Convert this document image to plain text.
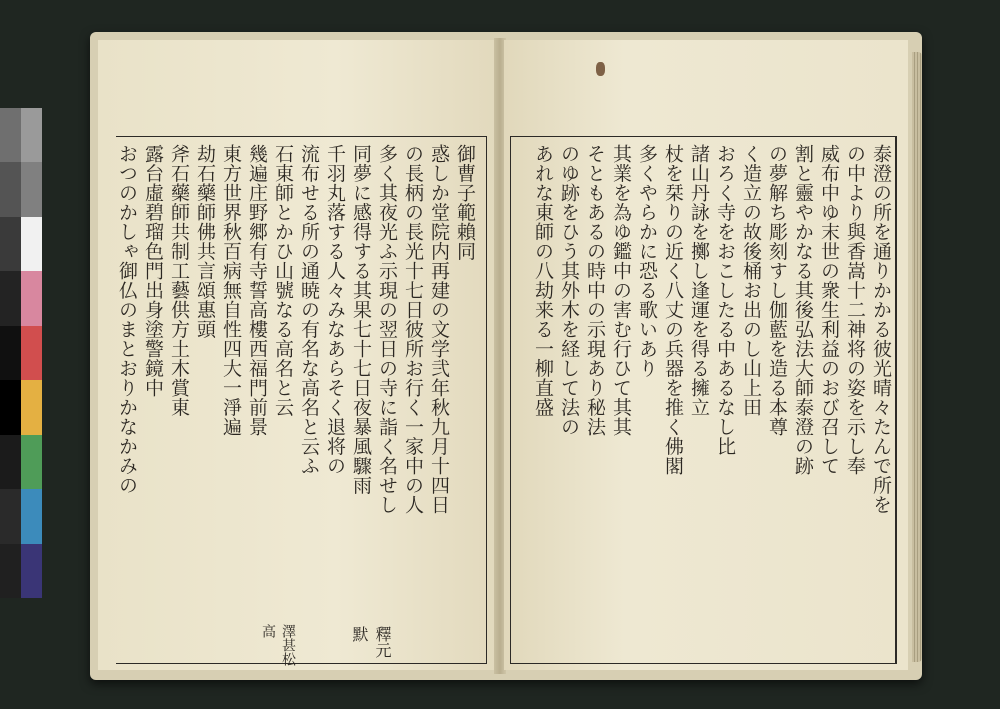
御曹子範賴同
惑しか堂院内再建の文学弐年秋九月十四日
の長柄の長光十七日彼所お行く一家中の人
多く其夜光ふ示現の翌日の寺に詣く名せし
同夢に感得する其果七十七日夜暴風驟雨
千羽丸落する人々みなあらそく退将の
流布せる所の通暁の有名な高名と云ふ
石東師とかひ山號なる高名と云
幾遍庄野郷有寺誓高樓西福門前景
東方世界秋百病無自性四大一淨遍
劫石藥師佛共言頌惠頭
斧石藥師共制工藝供方土木賞東
露台虛碧瑠色門出身塗警鏡中
おつのかしゃ御仏のまとおりかなかみの
澤甚松高	釋元默
泰澄の所を通りかかる彼光晴々たんで所を
の中より與香嵩十二神将の姿を示し奉
威布中ゆ末世の衆生利益のおび召して
割と靈やかなる其後弘法大師泰澄の跡
の夢解ち彫刻すし伽藍を造る本尊
く造立の故後桶お出のし山上田
おろく寺をおこしたる中あるなし比
諸山丹詠を擲し逢運を得る擁立
杖を栞りの近く八丈の兵器を推く佛閣
多くやらかに恐る歌いあり
其業を為ゆ鑑中の害む行ひて其其
そともあるの時中の示現あり秘法
のゆ跡をひう其外木を経して法の
あれな東師の八劫来る一柳直盛
